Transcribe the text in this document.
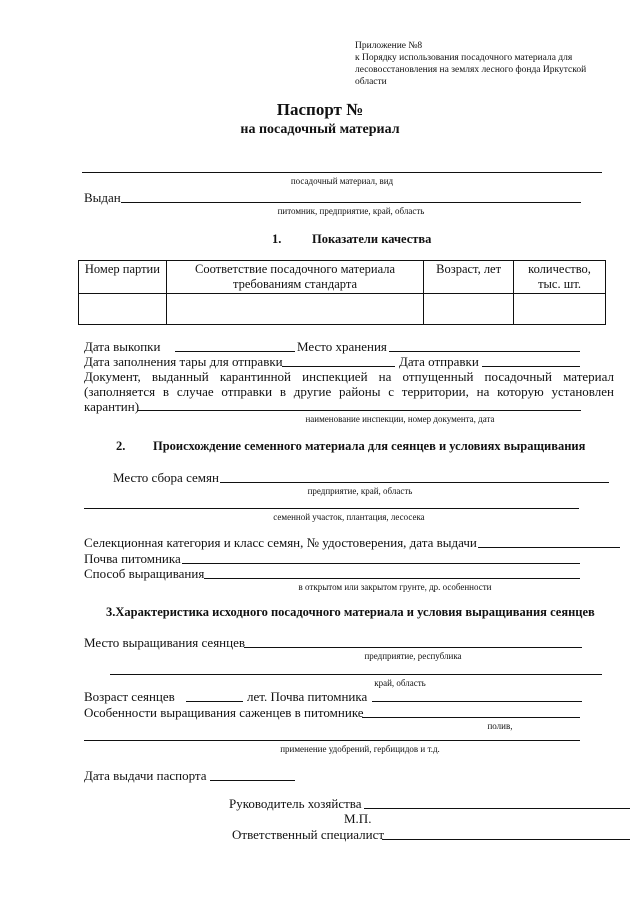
Приложение №8
к Порядку использования посадочного материала для
лесовосстановления на землях лесного фонда Иркутской
области
Паспорт №
на посадочный материал
посадочный материал, вид
Выдан
питомник, предприятие, край, область
1. Показатели качества
Номер партии	Соответствие посадочного материала требованиям стандарта	Возраст, лет	количество, тыс. шт.

Дата выкопки	Место хранения
Дата заполнения тары для отправки	Дата отправки
Документ, выданный карантинной инспекцией на отпущенный посадочный материал (заполняется в случае отправки в другие районы с территории, на которую установлен карантин)
наименование инспекции, номер документа, дата
2. Происхождение семенного материала для сеянцев и условиях выращивания
Место сбора семян
предприятие, край, область
семенной участок, плантация, лесосека
Селекционная категория и класс семян, № удостоверения, дата выдачи
Почва питомника
Способ выращивания
в открытом или закрытом грунте, др. особенности
3.Характеристика исходного посадочного материала и условия выращивания сеянцев
Место выращивания сеянцев
предприятие, республика
край, область
Возраст сеянцев	лет. Почва питомника
Особенности выращивания саженцев в питомнике
полив,
применение удобрений, гербицидов и т.д.
Дата выдачи паспорта
Руководитель хозяйства
М.П.
Ответственный специалист
